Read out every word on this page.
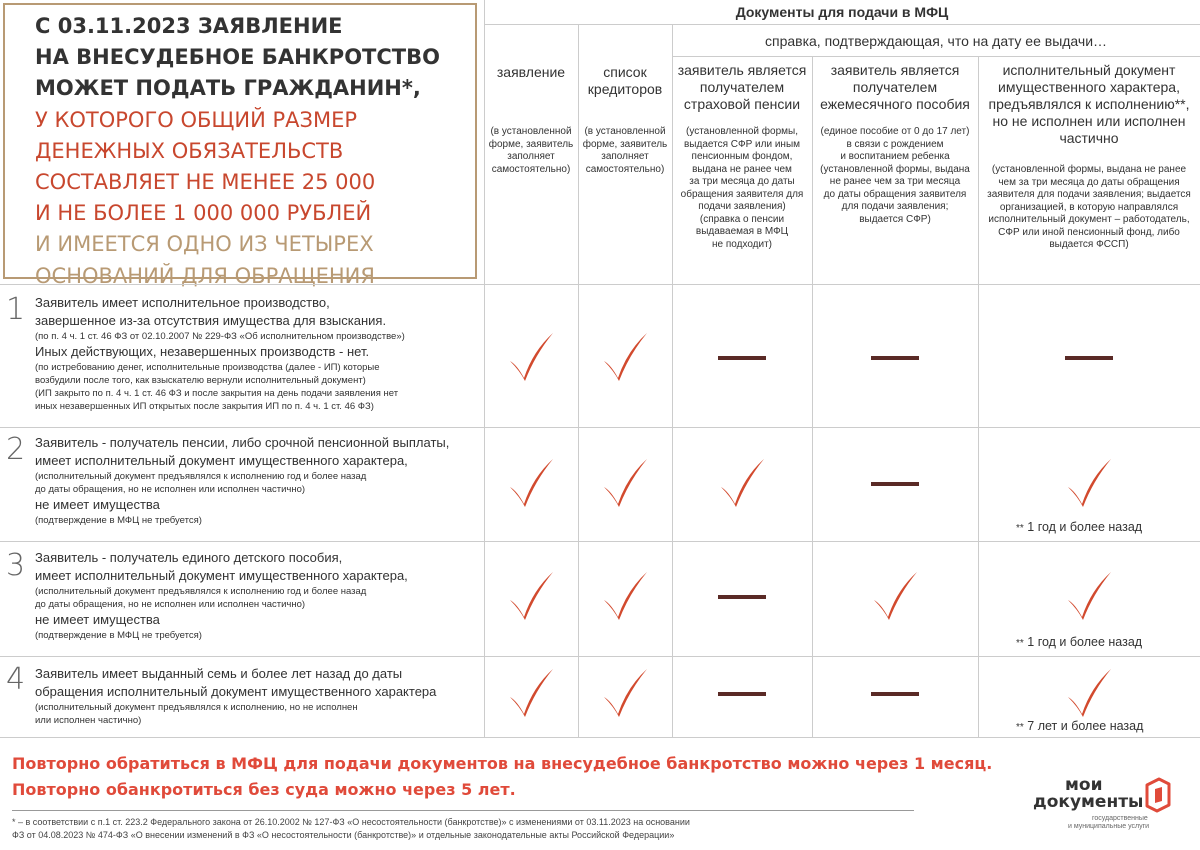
С 03.11.2023 ЗАЯВЛЕНИЕ
НА ВНЕСУДЕБНОЕ БАНКРОТСТВО
МОЖЕТ ПОДАТЬ ГРАЖДАНИН*,
У КОТОРОГО ОБЩИЙ РАЗМЕР
ДЕНЕЖНЫХ ОБЯЗАТЕЛЬСТВ
СОСТАВЛЯЕТ НЕ МЕНЕЕ 25 000
И НЕ БОЛЕЕ 1 000 000 РУБЛЕЙ
И ИМЕЕТСЯ ОДНО ИЗ ЧЕТЫРЕХ
ОСНОВАНИЙ ДЛЯ ОБРАЩЕНИЯ
Документы для подачи в МФЦ
справка, подтверждающая, что на дату ее выдачи…
заявление
(в установленной
форме, заявитель
заполняет
самостоятельно)
список
кредиторов
(в установленной
форме, заявитель
заполняет
самостоятельно)
заявитель является
получателем
страховой пенсии
(установленной формы,
выдается СФР или иным
пенсионным фондом,
выдана не ранее чем
за три месяца до даты
обращения заявителя для
подачи заявления)
(справка о пенсии
выдаваемая в МФЦ
не подходит)
заявитель является
получателем
ежемесячного пособия
(единое пособие от 0 до 17 лет)
в связи с рождением
и воспитанием ребенка
(установленной формы, выдана
не ранее чем за три месяца
до даты обращения заявителя
для подачи заявления;
выдается СФР)
исполнительный документ
имущественного характера,
предъявлялся к исполнению**,
но не исполнен или исполнен
частично
(установленной формы, выдана не ранее
чем за три месяца до даты обращения
заявителя для подачи заявления; выдается
организацией, в которую направлялся
исполнительный документ – работодатель,
СФР или иной пенсионный фонд, либо
выдается ФССП)
1 Заявитель имеет исполнительное производство,
завершенное из-за отсутствия имущества для взыскания.
(по п. 4 ч. 1 ст. 46 ФЗ от 02.10.2007 № 229-ФЗ «Об исполнительном производстве»)
Иных действующих, незавершенных производств - нет.
(по истребованию денег, исполнительные производства (далее - ИП) которые
возбудили после того, как взыскателю вернули исполнительный документ)
(ИП закрыто по п. 4 ч. 1 ст. 46 ФЗ и после закрытия на день подачи заявления нет
иных незавершенных ИП открытых после закрытия ИП по п. 4 ч. 1 ст. 46 ФЗ)
2 Заявитель - получатель пенсии, либо срочной пенсионной выплаты,
имеет исполнительный документ имущественного характера,
(исполнительный документ предъявлялся к исполнению год и более назад
до даты обращения, но не исполнен или исполнен частично)
не имеет имущества
(подтверждение в МФЦ не требуется)
** 1 год и более назад
3 Заявитель - получатель единого детского пособия,
имеет исполнительный документ имущественного характера,
(исполнительный документ предъявлялся к исполнению год и более назад
до даты обращения, но не исполнен или исполнен частично)
не имеет имущества
(подтверждение в МФЦ не требуется)
** 1 год и более назад
4 Заявитель имеет выданный семь и более лет назад до даты
обращения исполнительный документ имущественного характера
(исполнительный документ предъявлялся к исполнению, но не исполнен
или исполнен частично)
** 7 лет и более назад
Повторно обратиться в МФЦ для подачи документов на внесудебное банкротство можно через 1 месяц.
Повторно обанкротиться без суда можно через 5 лет.
* – в соответствии с п.1 ст. 223.2 Федерального закона от 26.10.2002 № 127-ФЗ «О несостоятельности (банкротстве)» с изменениями от 03.11.2023 на основании
ФЗ от 04.08.2023 № 474-ФЗ «О внесении изменений в ФЗ «О несостоятельности (банкротстве)» и отдельные законодательные акты Российской Федерации»
мои
документы
государственные
и муниципальные услуги
